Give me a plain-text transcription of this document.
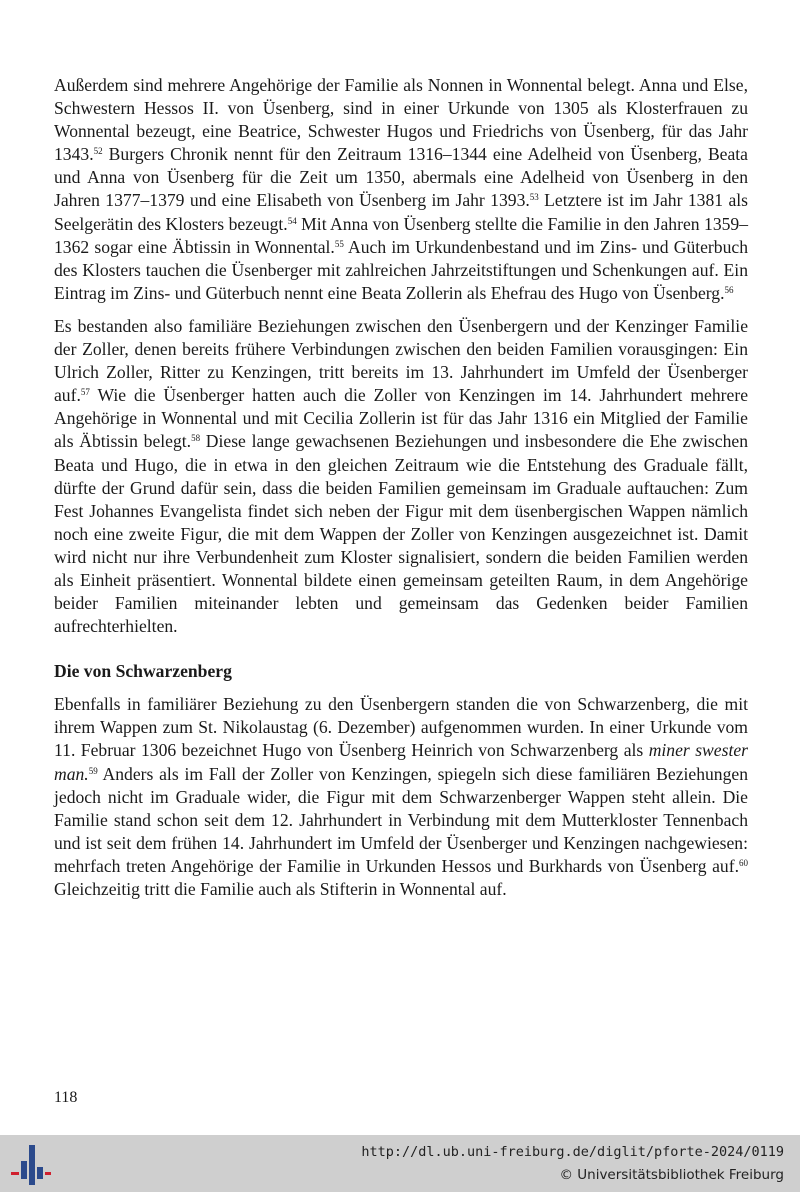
Außerdem sind mehrere Angehörige der Familie als Nonnen in Wonnental belegt. Anna und Else, Schwestern Hessos II. von Üsenberg, sind in einer Urkunde von 1305 als Klosterfrauen zu Wonnental bezeugt, eine Beatrice, Schwester Hugos und Friedrichs von Üsenberg, für das Jahr 1343.52 Burgers Chronik nennt für den Zeitraum 1316–1344 eine Adelheid von Üsenberg, Beata und Anna von Üsenberg für die Zeit um 1350, abermals eine Adelheid von Üsenberg in den Jahren 1377–1379 und eine Elisabeth von Üsenberg im Jahr 1393.53 Letztere ist im Jahr 1381 als Seelgerätin des Klosters bezeugt.$^{54}$ Mit Anna von Üsenberg stellte die Familie in den Jahren 1359–1362 sogar eine Äbtissin in Wonnental.$^{55}$ Auch im Urkundenbestand und im Zins- und Güterbuch des Klosters tauchen die Üsenberger mit zahlreichen Jahrzeitstiftungen und Schenkungen auf. Ein Eintrag im Zins- und Güterbuch nennt eine Beata Zollerin als Ehefrau des Hugo von Üsenberg.$^{56}$

Es bestanden also familiäre Beziehungen zwischen den Üsenbergern und der Kenzinger Familie der Zoller, denen bereits frühere Verbindungen zwischen den beiden Familien vorausgingen: Ein Ulrich Zoller, Ritter zu Kenzingen, tritt bereits im 13. Jahrhundert im Umfeld der Üsenberger auf.$^{57}$ Wie die Üsenberger hatten auch die Zoller von Kenzingen im 14. Jahrhundert mehrere Angehörige in Wonnental und mit Cecilia Zollerin ist für das Jahr 1316 ein Mitglied der Familie als Äbtissin belegt.$^{58}$ Diese lange gewachsenen Beziehungen und insbesondere die Ehe zwischen Beata und Hugo, die in etwa in den gleichen Zeitraum wie die Entstehung des Graduale fällt, dürfte der Grund dafür sein, dass die beiden Familien gemeinsam im Graduale auftauchen: Zum Fest Johannes Evangelista findet sich neben der Figur mit dem üsenbergischen Wappen nämlich noch eine zweite Figur, die mit dem Wappen der Zoller von Kenzingen ausgezeichnet ist. Damit wird nicht nur ihre Verbundenheit zum Kloster signalisiert, sondern die beiden Familien werden als Einheit präsentiert. Wonnental bildete einen gemeinsam geteilten Raum, in dem Angehörige beider Familien miteinander lebten und gemeinsam das Gedenken beider Familien aufrechterhielten.

Die von Schwarzenberg

Ebenfalls in familiärer Beziehung zu den Üsenbergern standen die von Schwarzenberg, die mit ihrem Wappen zum St. Nikolaustag (6. Dezember) aufgenommen wurden. In einer Urkunde vom 11. Februar 1306 bezeichnet Hugo von Üsenberg Heinrich von Schwarzenberg als miner swester man.$^{59}$ Anders als im Fall der Zoller von Kenzingen, spiegeln sich diese familiären Beziehungen jedoch nicht im Graduale wider, die Figur mit dem Schwarzenberger Wappen steht allein. Die Familie stand schon seit dem 12. Jahrhundert in Verbindung mit dem Mutterkloster Tennenbach und ist seit dem frühen 14. Jahrhundert im Umfeld der Üsenberger und Kenzingen nachgewiesen: mehrfach treten Angehörige der Familie in Urkunden Hessos und Burkhards von Üsenberg auf.$^{60}$ Gleichzeitig tritt die Familie auch als Stifterin in Wonnental auf.

118
http://dl.ub.uni-freiburg.de/diglit/pforte-2024/0119
© Universitätsbibliothek Freiburg
